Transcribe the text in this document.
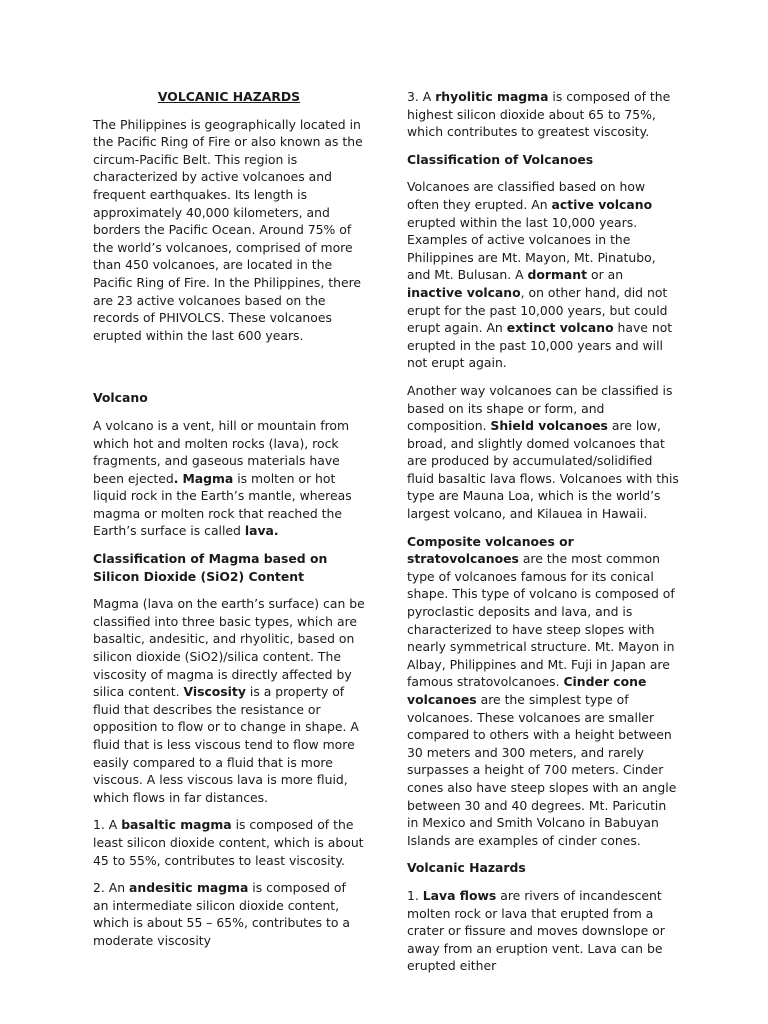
VOLCANIC HAZARDS

The Philippines is geographically located in the Pacific Ring of Fire or also known as the circum-Pacific Belt. This region is characterized by active volcanoes and frequent earthquakes. Its length is approximately 40,000 kilometers, and borders the Pacific Ocean. Around 75% of the world’s volcanoes, comprised of more than 450 volcanoes, are located in the Pacific Ring of Fire. In the Philippines, there are 23 active volcanoes based on the records of PHIVOLCS. These volcanoes erupted within the last 600 years.

Volcano

A volcano is a vent, hill or mountain from which hot and molten rocks (lava), rock fragments, and gaseous materials have been ejected. Magma is molten or hot liquid rock in the Earth’s mantle, whereas magma or molten rock that reached the Earth’s surface is called lava.

Classification of Magma based on Silicon Dioxide (SiO2) Content

Magma (lava on the earth’s surface) can be classified into three basic types, which are basaltic, andesitic, and rhyolitic, based on silicon dioxide (SiO2)/silica content. The viscosity of magma is directly affected by silica content. Viscosity is a property of fluid that describes the resistance or opposition to flow or to change in shape. A fluid that is less viscous tend to flow more easily compared to a fluid that is more viscous. A less viscous lava is more fluid, which flows in far distances.

1. A basaltic magma is composed of the least silicon dioxide content, which is about 45 to 55%, contributes to least viscosity.

2. An andesitic magma is composed of an intermediate silicon dioxide content, which is about 55 – 65%, contributes to a moderate viscosity

3. A rhyolitic magma is composed of the highest silicon dioxide about 65 to 75%, which contributes to greatest viscosity.

Classification of Volcanoes

Volcanoes are classified based on how often they erupted. An active volcano erupted within the last 10,000 years. Examples of active volcanoes in the Philippines are Mt. Mayon, Mt. Pinatubo, and Mt. Bulusan. A dormant or an inactive volcano, on other hand, did not erupt for the past 10,000 years, but could erupt again. An extinct volcano have not erupted in the past 10,000 years and will not erupt again.

Another way volcanoes can be classified is based on its shape or form, and composition. Shield volcanoes are low, broad, and slightly domed volcanoes that are produced by accumulated/solidified fluid basaltic lava flows. Volcanoes with this type are Mauna Loa, which is the world’s largest volcano, and Kilauea in Hawaii.

Composite volcanoes or stratovolcanoes are the most common type of volcanoes famous for its conical shape. This type of volcano is composed of pyroclastic deposits and lava, and is characterized to have steep slopes with nearly symmetrical structure. Mt. Mayon in Albay, Philippines and Mt. Fuji in Japan are famous stratovolcanoes. Cinder cone volcanoes are the simplest type of volcanoes. These volcanoes are smaller compared to others with a height between 30 meters and 300 meters, and rarely surpasses a height of 700 meters. Cinder cones also have steep slopes with an angle between 30 and 40 degrees. Mt. Paricutin in Mexico and Smith Volcano in Babuyan Islands are examples of cinder cones.

Volcanic Hazards

1. Lava flows are rivers of incandescent molten rock or lava that erupted from a crater or fissure and moves downslope or away from an eruption vent. Lava can be erupted either
